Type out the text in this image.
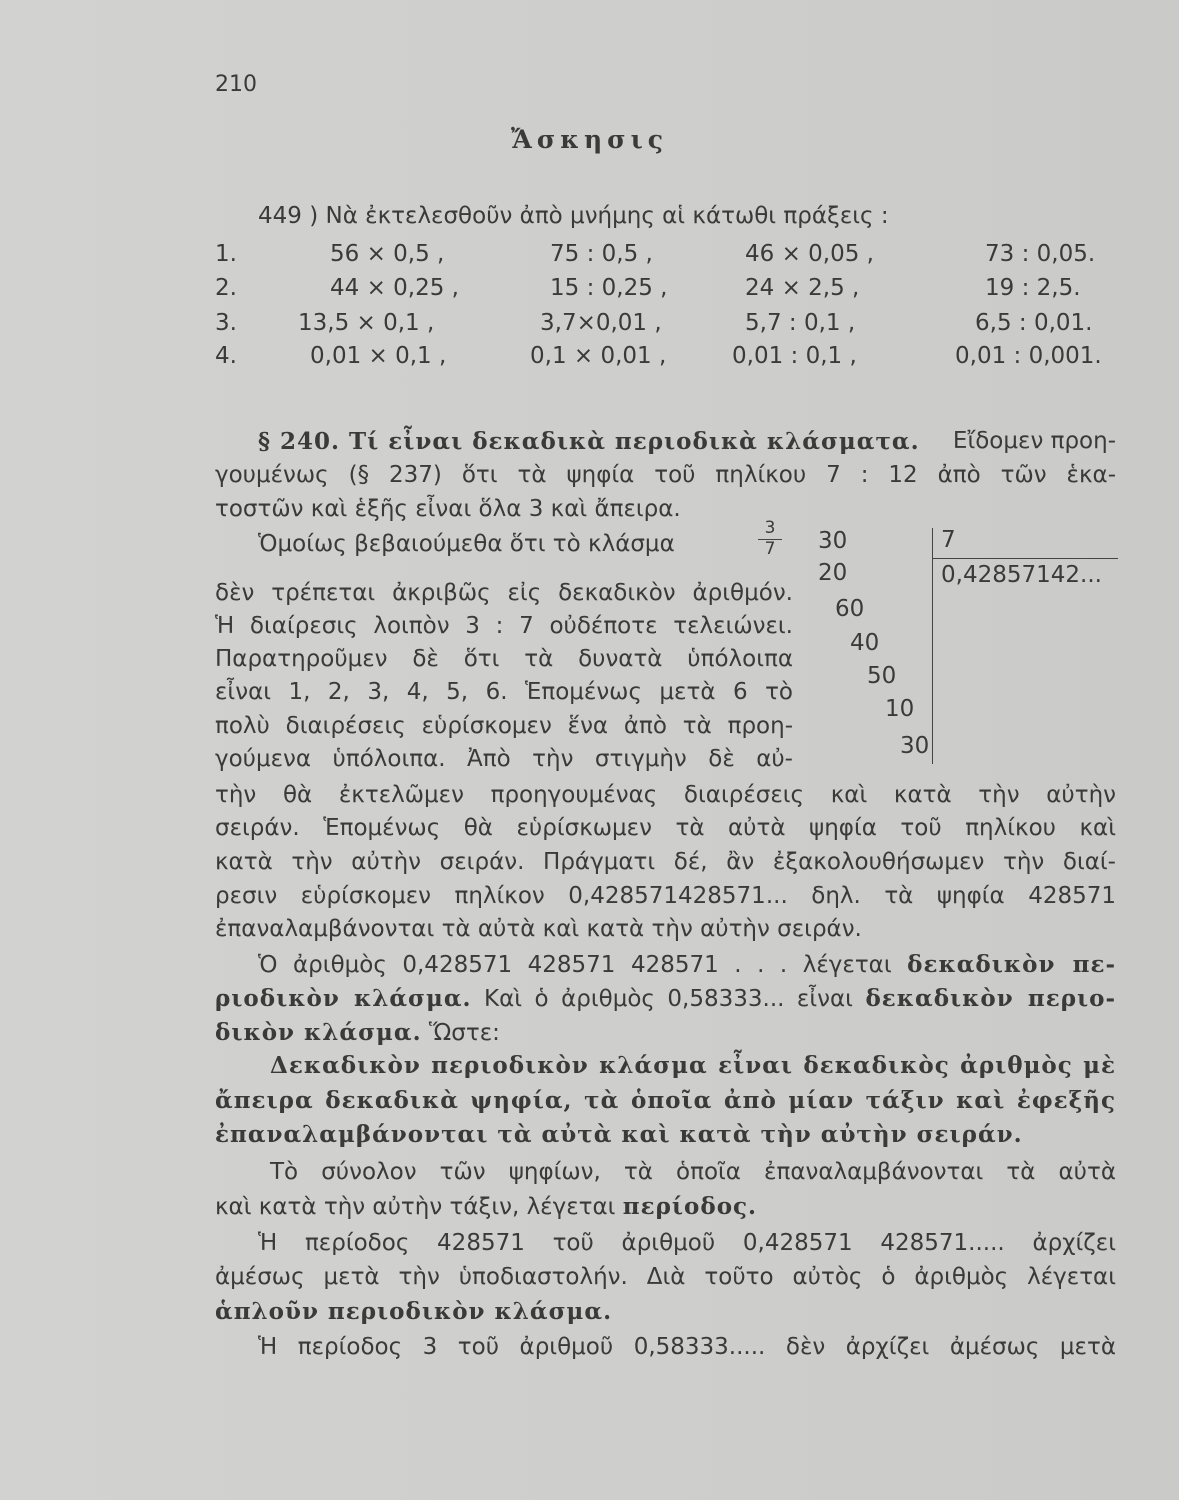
210
Ἄσκησις
449 ) Νὰ ἐκτελεσθοῦν ἀπὸ μνήμης αἱ κάτωθι πράξεις :
1.	56 × 0,5 ,	75 : 0,5 ,	46 × 0,05 ,	73 : 0,05.
2.	44 × 0,25 ,	15 : 0,25 ,	24 × 2,5 ,	19 : 2,5.
3.	13,5 × 0,1 ,	3,7×0,01 ,	5,7 : 0,1 ,	6,5 : 0,01.
4.	0,01 × 0,1 ,	0,1 × 0,01 ,	0,01 : 0,1 ,	0,01 : 0,001.
§ 240. Τί εἶναι δεκαδικὰ περιοδικὰ κλάσματα. Εἴδομεν προη-
γουμένως (§ 237) ὅτι τὰ ψηφία τοῦ πηλίκου 7 : 12 ἀπὸ τῶν ἑκα-
τοστῶν καὶ ἑξῆς εἶναι ὅλα 3 καὶ ἄπειρα.
Ὁμοίως βεβαιούμεθα ὅτι τὸ κλάσμα
3
7
δὲν τρέπεται ἀκριβῶς εἰς δεκαδικὸν ἀριθμόν.
Ἡ διαίρεσις λοιπὸν 3 : 7 οὐδέποτε τελειώνει.
Παρατηροῦμεν δὲ ὅτι τὰ δυνατὰ ὑπόλοιπα
εἶναι 1, 2, 3, 4, 5, 6. Ἑπομένως μετὰ 6 τὸ
πολὺ διαιρέσεις εὑρίσκομεν ἕνα ἀπὸ τὰ προη-
γούμενα ὑπόλοιπα. Ἀπὸ τὴν στιγμὴν δὲ αὐ-
30
20
60
40
50
10
30
7
0,42857142...
τὴν θὰ ἐκτελῶμεν προηγουμένας διαιρέσεις καὶ κατὰ τὴν αὐτὴν
σειράν. Ἑπομένως θὰ εὑρίσκωμεν τὰ αὐτὰ ψηφία τοῦ πηλίκου καὶ
κατὰ τὴν αὐτὴν σειράν. Πράγματι δέ, ἂν ἐξακολουθήσωμεν τὴν διαί-
ρεσιν εὑρίσκομεν πηλίκον 0,428571428571... δηλ. τὰ ψηφία 428571
ἐπαναλαμβάνονται τὰ αὐτὰ καὶ κατὰ τὴν αὐτὴν σειράν.
Ὁ ἀριθμὸς 0,428571 428571 428571 . . . λέγεται δεκαδικὸν πε-
ριοδικὸν κλάσμα. Καὶ ὁ ἀριθμὸς 0,58333... εἶναι δεκαδικὸν περιο-
δικὸν κλάσμα. Ὥστε:
Δεκαδικὸν περιοδικὸν κλάσμα εἶναι δεκαδικὸς ἀριθμὸς μὲ
ἄπειρα δεκαδικὰ ψηφία, τὰ ὁποῖα ἀπὸ μίαν τάξιν καὶ ἐφεξῆς
ἐπαναλαμβάνονται τὰ αὐτὰ καὶ κατὰ τὴν αὐτὴν σειράν.
Τὸ σύνολον τῶν ψηφίων, τὰ ὁποῖα ἐπαναλαμβάνονται τὰ αὐτὰ
καὶ κατὰ τὴν αὐτὴν τάξιν, λέγεται περίοδος.
Ἡ περίοδος 428571 τοῦ ἀριθμοῦ 0,428571 428571..... ἀρχίζει
ἀμέσως μετὰ τὴν ὑποδιαστολήν. Διὰ τοῦτο αὐτὸς ὁ ἀριθμὸς λέγεται
ἁπλοῦν περιοδικὸν κλάσμα.
Ἡ περίοδος 3 τοῦ ἀριθμοῦ 0,58333..... δὲν ἀρχίζει ἀμέσως μετὰ
